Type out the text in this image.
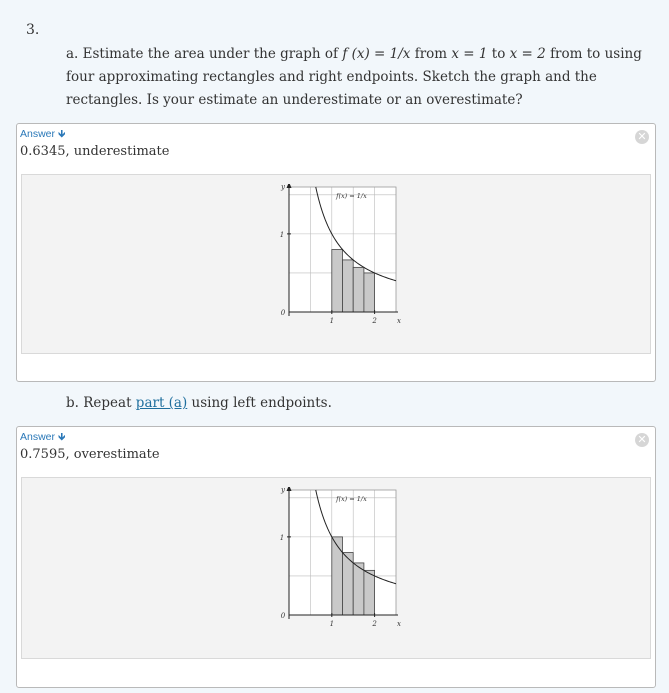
3.
a. Estimate the area under the graph of f (x) = 1/x from x = 1 to x = 2 from to using four approximating rectangles and right endpoints. Sketch the graph and the rectangles. Is your estimate an underestimate or an overestimate?
Answer 🡻	✕
0.6345, underestimate
y
x
0
1
1	2
f(x) = 1/x
b. Repeat part (a) using left endpoints.
Answer 🡻	✕
0.7595, overestimate
y
x
0
1
1	2
f(x) = 1/x
